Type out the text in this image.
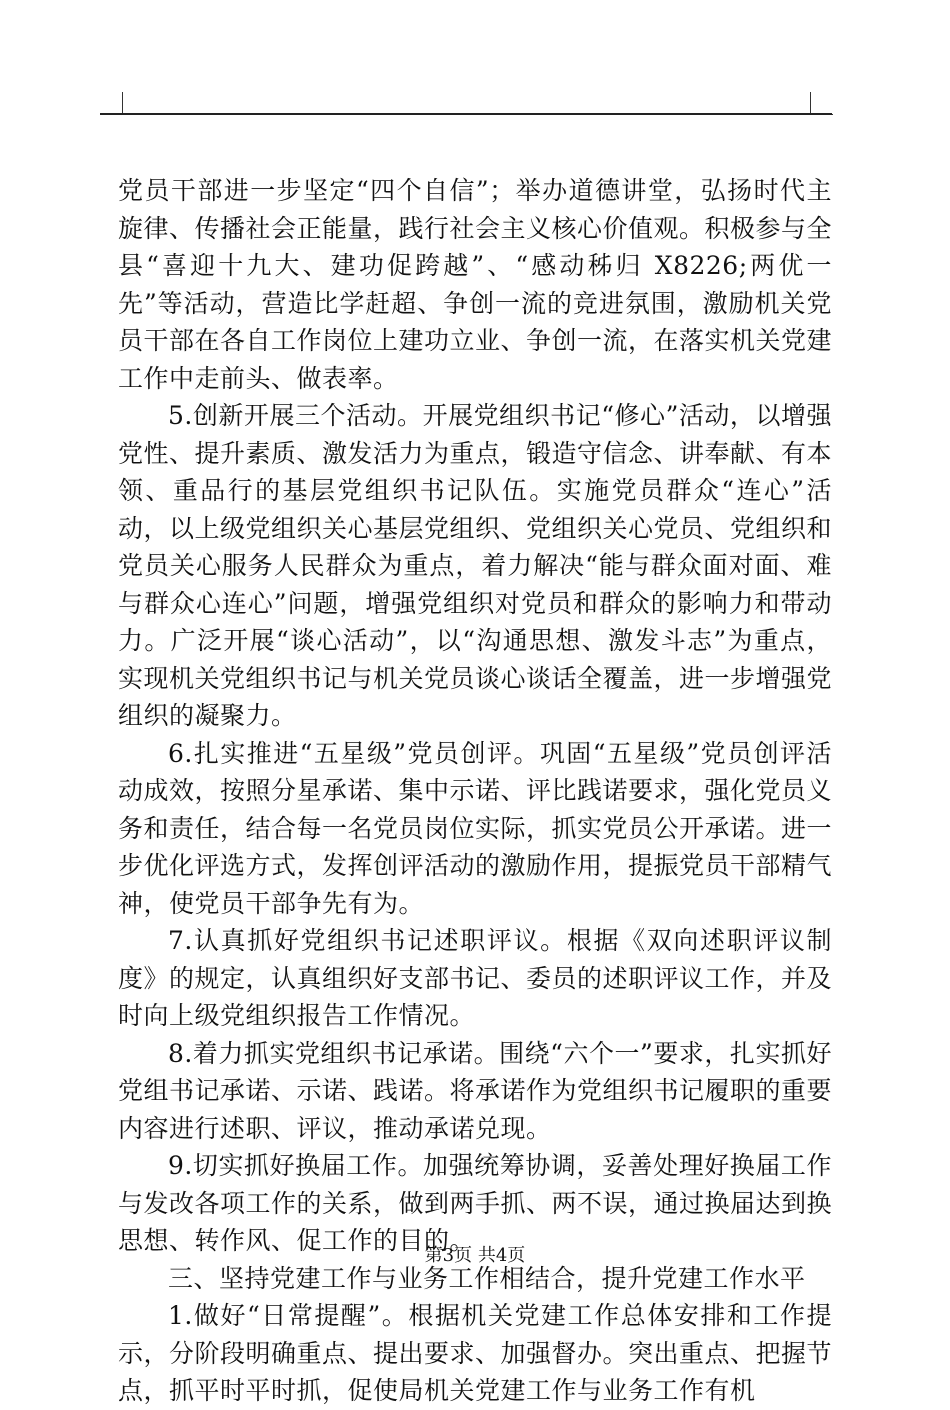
党员干部进一步坚定“四个自信”；举办道德讲堂，弘扬时代主旋律、传播社会正能量，践行社会主义核心价值观。积极参与全县“喜迎十九大、建功促跨越”、“感动秭归 X8226;两优一先”等活动，营造比学赶超、争创一流的竞进氛围，激励机关党员干部在各自工作岗位上建功立业、争创一流，在落实机关党建工作中走前头、做表率。

5.创新开展三个活动。开展党组织书记“修心”活动，以增强党性、提升素质、激发活力为重点，锻造守信念、讲奉献、有本领、重品行的基层党组织书记队伍。实施党员群众“连心”活动，以上级党组织关心基层党组织、党组织关心党员、党组织和党员关心服务人民群众为重点，着力解决“能与群众面对面、难与群众心连心”问题，增强党组织对党员和群众的影响力和带动力。广泛开展“谈心活动”，以“沟通思想、激发斗志”为重点，实现机关党组织书记与机关党员谈心谈话全覆盖，进一步增强党组织的凝聚力。

6.扎实推进“五星级”党员创评。巩固“五星级”党员创评活动成效，按照分星承诺、集中示诺、评比践诺要求，强化党员义务和责任，结合每一名党员岗位实际，抓实党员公开承诺。进一步优化评选方式，发挥创评活动的激励作用，提振党员干部精气神，使党员干部争先有为。

7.认真抓好党组织书记述职评议。根据《双向述职评议制度》的规定，认真组织好支部书记、委员的述职评议工作，并及时向上级党组织报告工作情况。

8.着力抓实党组织书记承诺。围绕“六个一”要求，扎实抓好党组书记承诺、示诺、践诺。将承诺作为党组织书记履职的重要内容进行述职、评议，推动承诺兑现。

9.切实抓好换届工作。加强统筹协调，妥善处理好换届工作与发改各项工作的关系，做到两手抓、两不误，通过换届达到换思想、转作风、促工作的目的。

三、坚持党建工作与业务工作相结合，提升党建工作水平

1.做好“日常提醒”。根据机关党建工作总体安排和工作提示，分阶段明确重点、提出要求、加强督办。突出重点、把握节点，抓平时平时抓，促使局机关党建工作与业务工作有机

第3页 共4页
